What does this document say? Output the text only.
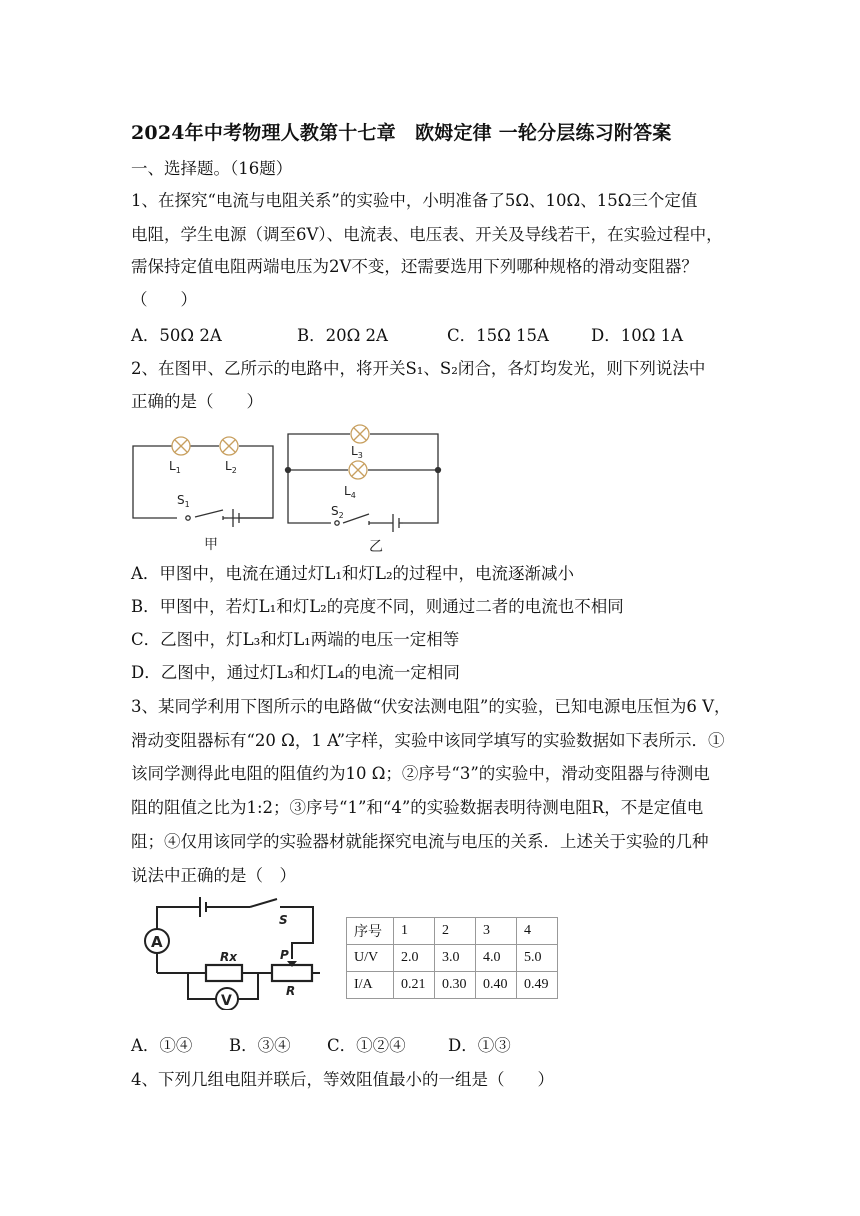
2024年中考物理人教第十七章　欧姆定律 一轮分层练习附答案
一、选择题。（16题）
1、在探究“电流与电阻关系”的实验中，小明准备了5Ω、10Ω、15Ω三个定值
电阻，学生电源（调至6V）、电流表、电压表、开关及导线若干，在实验过程中，
需保持定值电阻两端电压为2V不变，还需要选用下列哪种规格的滑动变阻器？
（　　）
A．50Ω 2A	B．20Ω 2A	C．15Ω 15A	D．10Ω 1A
2、在图甲、乙所示的电路中，将开关S₁、S₂闭合，各灯均发光，则下列说法中
正确的是（　　）
$L_1$	$L_2$
$S_1$
$L_3$
$L_4$
$S_2$
甲	乙
A．甲图中，电流在通过灯L₁和灯L₂的过程中，电流逐渐减小
B．甲图中，若灯L₁和灯L₂的亮度不同，则通过二者的电流也不相同
C．乙图中，灯L₃和灯L₁两端的电压一定相等
D．乙图中，通过灯L₃和灯L₄的电流一定相同
3、某同学利用下图所示的电路做“伏安法测电阻”的实验，已知电源电压恒为6 V，
滑动变阻器标有“20 Ω，1 A”字样，实验中该同学填写的实验数据如下表所示．①
该同学测得此电阻的阻值约为10 Ω；②序号“3”的实验中，滑动变阻器与待测电
阻的阻值之比为1:2；③序号“1”和“4”的实验数据表明待测电阻R，不是定值电
阻；④仅用该同学的实验器材就能探究电流与电压的关系．上述关于实验的几种
说法中正确的是（　）
A
V
S
Rx	P
R
序号	1	2	3	4
U/V	2.0	3.0	4.0	5.0
I/A	0.21	0.30	0.40	0.49
A．①④ B．③④ C．①②④	D．①③
4、下列几组电阻并联后，等效阻值最小的一组是（　　）
